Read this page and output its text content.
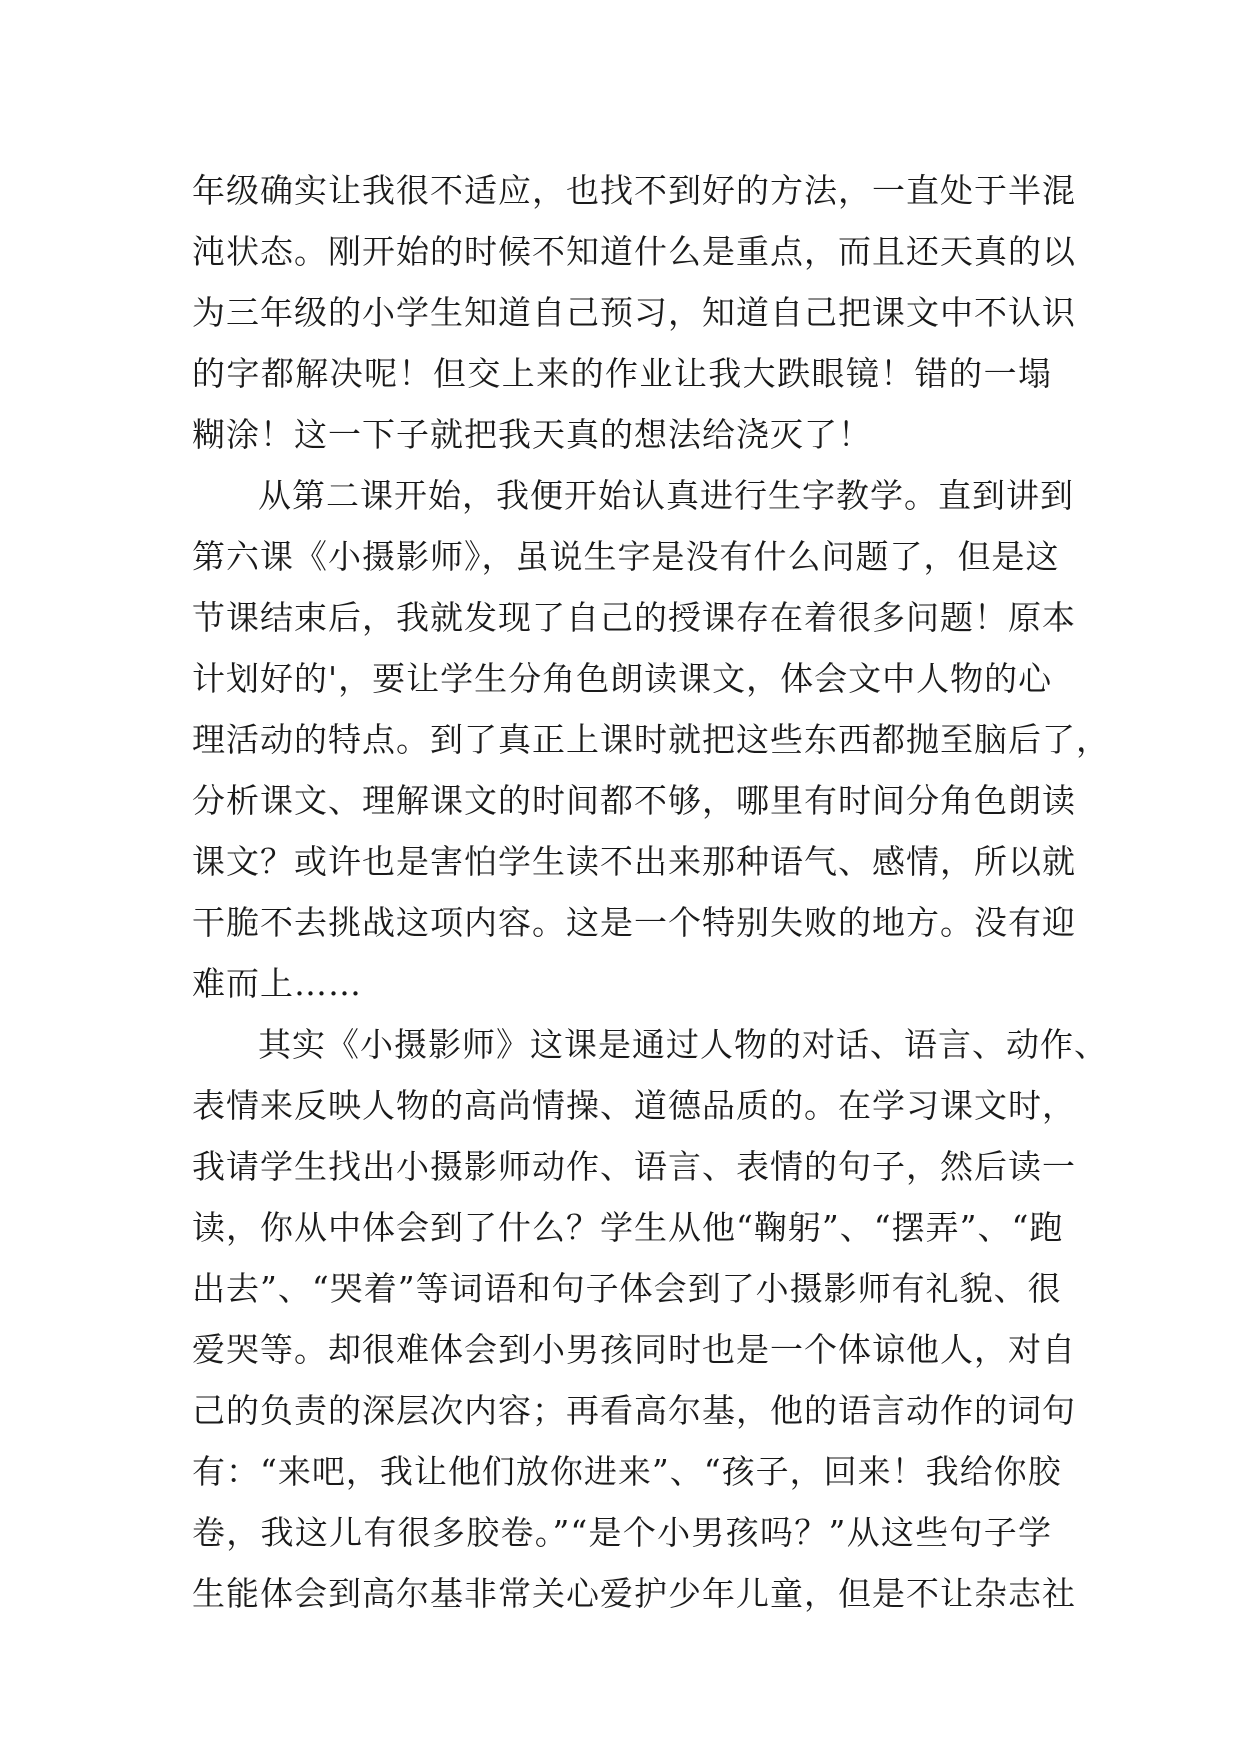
年级确实让我很不适应，也找不到好的方法，一直处于半混
沌状态。刚开始的时候不知道什么是重点，而且还天真的以
为三年级的小学生知道自己预习，知道自己把课文中不认识
的字都解决呢！但交上来的作业让我大跌眼镜！错的一塌
糊涂！这一下子就把我天真的想法给浇灭了！
从第二课开始，我便开始认真进行生字教学。直到讲到
第六课《小摄影师》，虽说生字是没有什么问题了，但是这
节课结束后，我就发现了自己的授课存在着很多问题！原本
计划好的'，要让学生分角色朗读课文，体会文中人物的心
理活动的特点。到了真正上课时就把这些东西都抛至脑后了，
分析课文、理解课文的时间都不够，哪里有时间分角色朗读
课文？或许也是害怕学生读不出来那种语气、感情，所以就
干脆不去挑战这项内容。这是一个特别失败的地方。没有迎
难而上……
其实《小摄影师》这课是通过人物的对话、语言、动作、
表情来反映人物的高尚情操、道德品质的。在学习课文时，
我请学生找出小摄影师动作、语言、表情的句子，然后读一
读，你从中体会到了什么？学生从他“鞠躬”、“摆弄”、“跑
出去”、“哭着”等词语和句子体会到了小摄影师有礼貌、很
爱哭等。却很难体会到小男孩同时也是一个体谅他人，对自
己的负责的深层次内容；再看高尔基，他的语言动作的词句
有：“来吧，我让他们放你进来”、“孩子，回来！我给你胶
卷，我这儿有很多胶卷。”“是个小男孩吗？”从这些句子学
生能体会到高尔基非常关心爱护少年儿童，但是不让杂志社
